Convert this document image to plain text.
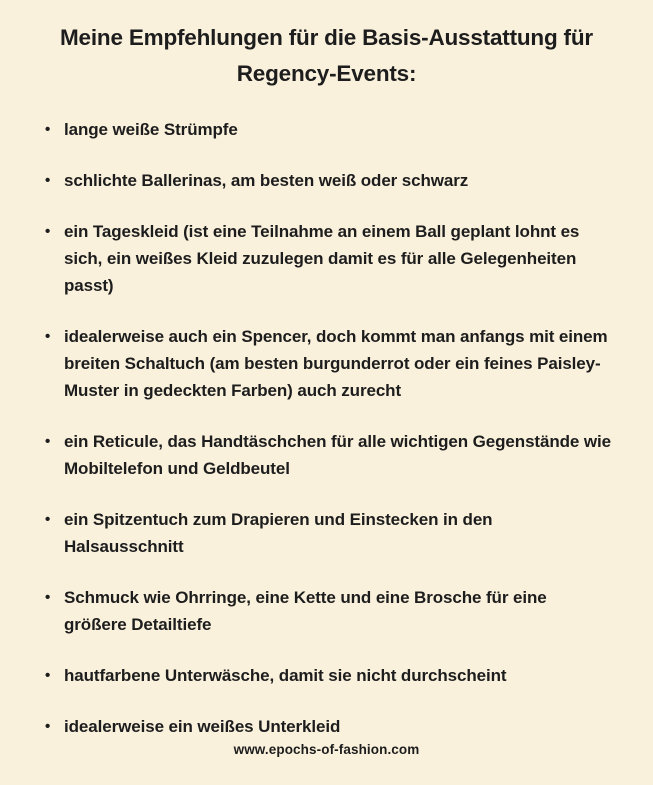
Meine Empfehlungen für die Basis-Ausstattung für Regency-Events:
• lange weiße Strümpfe
• schlichte Ballerinas, am besten weiß oder schwarz
• ein Tageskleid (ist eine Teilnahme an einem Ball geplant lohnt es sich, ein weißes Kleid zuzulegen damit es für alle Gelegenheiten passt)
• idealerweise auch ein Spencer, doch kommt man anfangs mit einem breiten Schaltuch (am besten burgunderrot oder ein feines Paisley-Muster in gedeckten Farben) auch zurecht
• ein Reticule, das Handtäschchen für alle wichtigen Gegenstände wie Mobiltelefon und Geldbeutel
• ein Spitzentuch zum Drapieren und Einstecken in den Halsausschnitt
• Schmuck wie Ohrringe, eine Kette und eine Brosche für eine größere Detailtiefe
• hautfarbene Unterwäsche, damit sie nicht durchscheint
• idealerweise ein weißes Unterkleid
www.epochs-of-fashion.com
